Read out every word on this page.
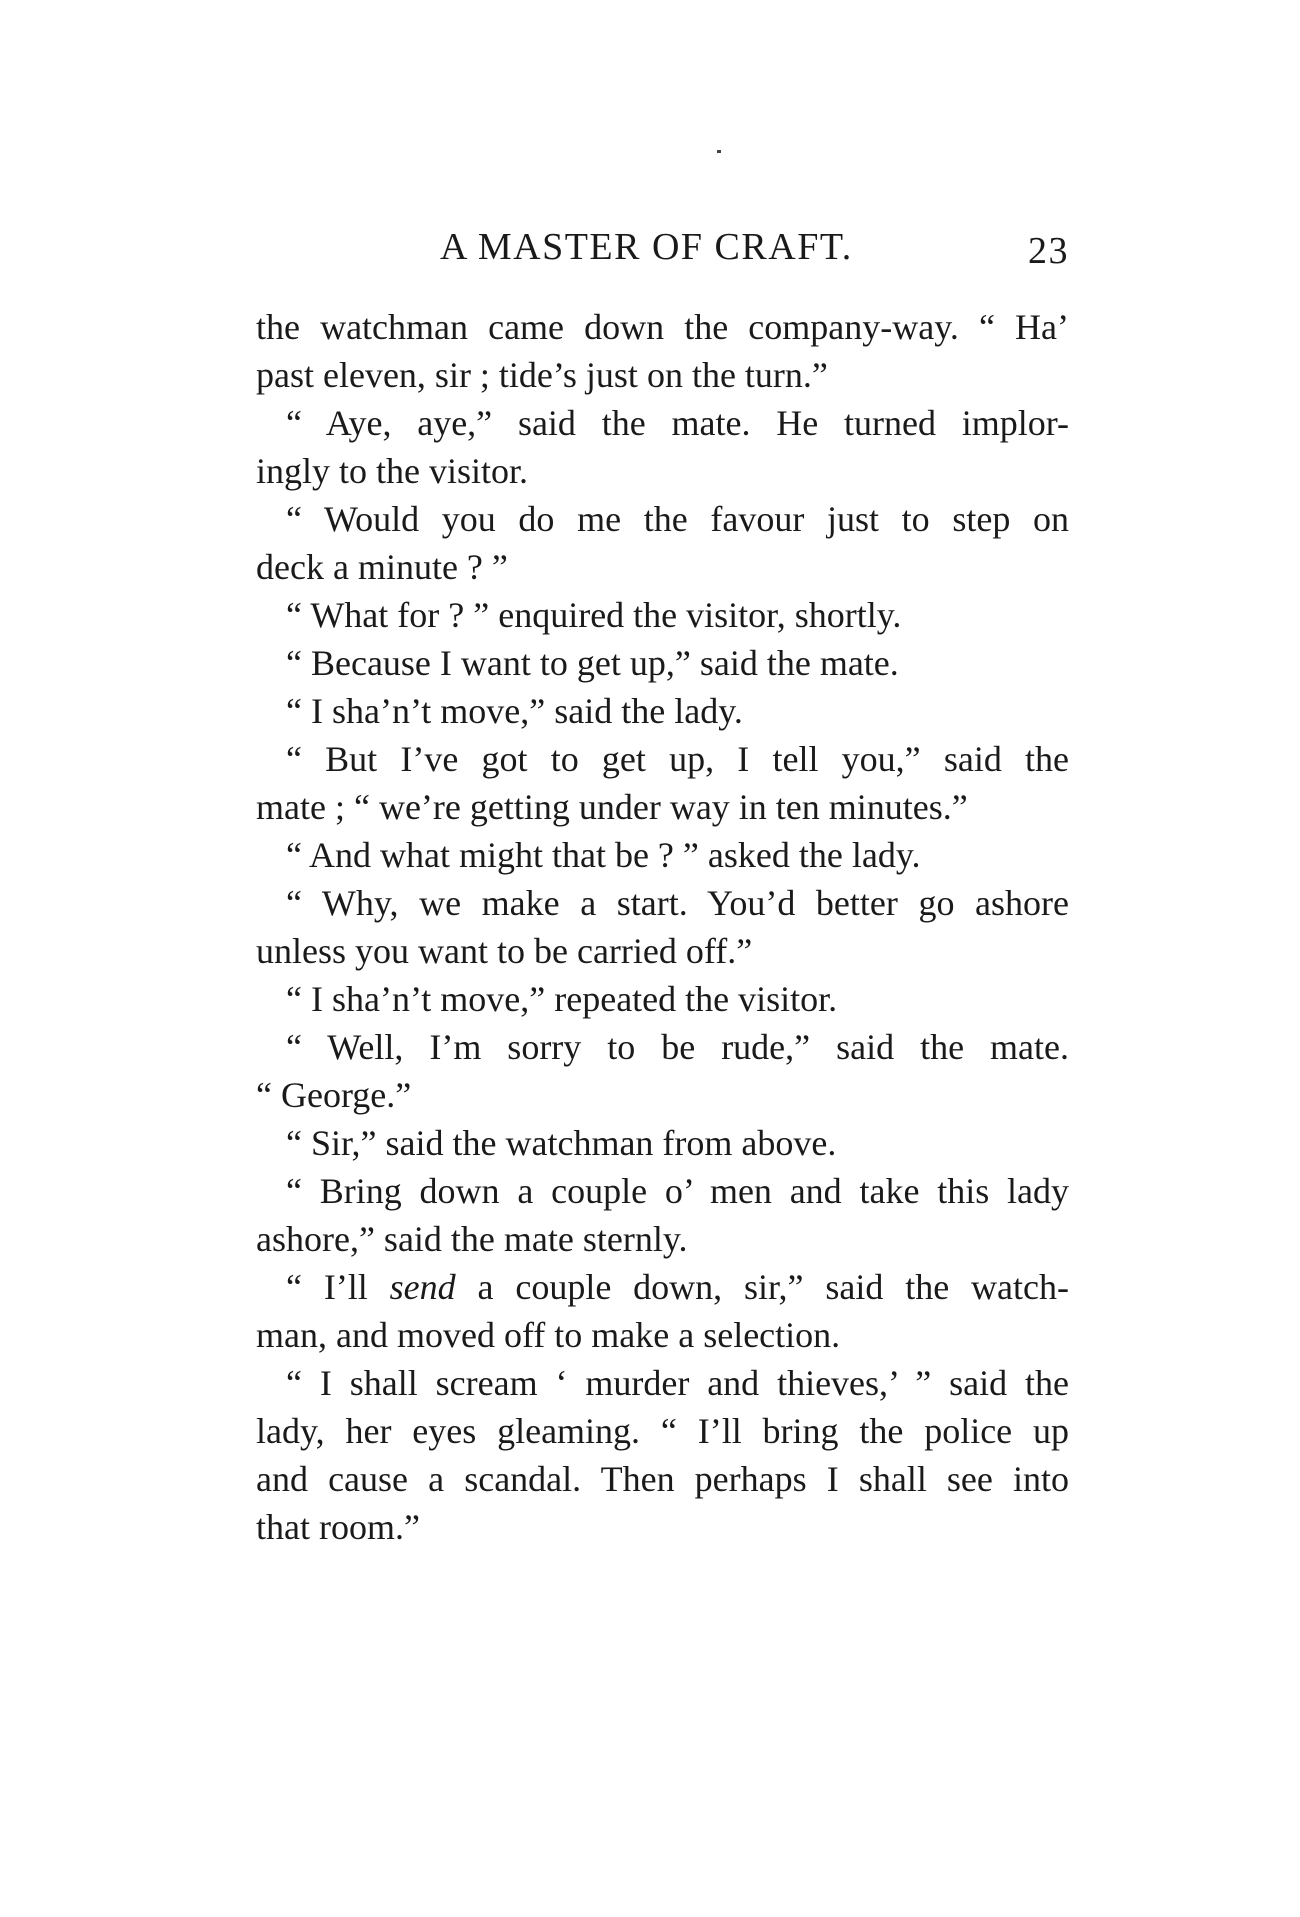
A MASTER OF CRAFT.	23
the watchman came down the company-way. “ Ha’
past eleven, sir ; tide’s just on the turn.”
“ Aye, aye,” said the mate. He turned implor-
ingly to the visitor.
“ Would you do me the favour just to step on
deck a minute ? ”
“ What for ? ” enquired the visitor, shortly.
“ Because I want to get up,” said the mate.
“ I sha’n’t move,” said the lady.
“ But I’ve got to get up, I tell you,” said the
mate ; “ we’re getting under way in ten minutes.”
“ And what might that be ? ” asked the lady.
“ Why, we make a start. You’d better go ashore
unless you want to be carried off.”
“ I sha’n’t move,” repeated the visitor.
“ Well, I’m sorry to be rude,” said the mate.
“ George.”
“ Sir,” said the watchman from above.
“ Bring down a couple o’ men and take this lady
ashore,” said the mate sternly.
“ I’ll send a couple down, sir,” said the watch-
man, and moved off to make a selection.
“ I shall scream ‘ murder and thieves,’ ” said the
lady, her eyes gleaming. “ I’ll bring the police up
and cause a scandal. Then perhaps I shall see into
that room.”
